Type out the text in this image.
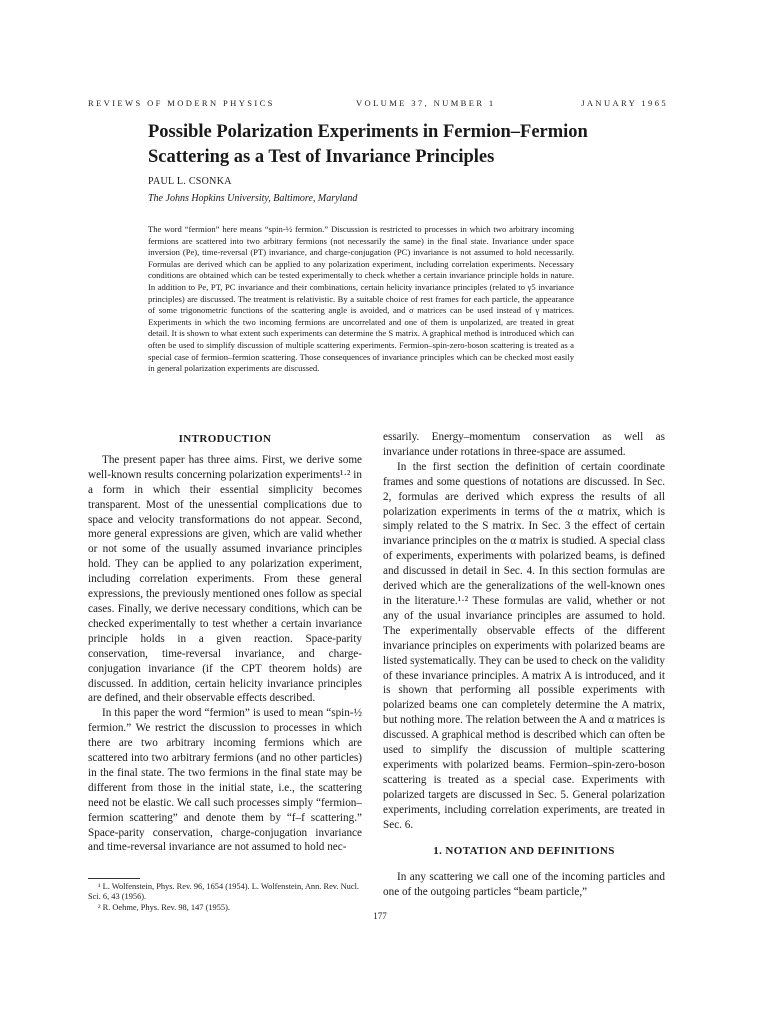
REVIEWS OF MODERN PHYSICS	VOLUME 37, NUMBER 1	JANUARY 1965
Possible Polarization Experiments in Fermion–Fermion
Scattering as a Test of Invariance Principles
PAUL L. CSONKA
The Johns Hopkins University, Baltimore, Maryland
The word “fermion” here means “spin-½ fermion.” Discussion is restricted to processes in which two arbitrary incoming fermions are scattered into two arbitrary fermions (not necessarily the same) in the final state. Invariance under space inversion (Pe), time-reversal (PT) invariance, and charge-conjugation (PC) invariance is not assumed to hold necessarily. Formulas are derived which can be applied to any polarization experiment, including correlation experiments. Necessary conditions are obtained which can be tested experimentally to check whether a certain invariance principle holds in nature. In addition to Pe, PT, PC invariance and their combinations, certain helicity invariance principles (related to γ5 invariance principles) are discussed. The treatment is relativistic. By a suitable choice of rest frames for each particle, the appearance of some trigonometric functions of the scattering angle is avoided, and σ matrices can be used instead of γ matrices. Experiments in which the two incoming fermions are uncorrelated and one of them is unpolarized, are treated in great detail. It is shown to what extent such experiments can determine the S matrix. A graphical method is introduced which can often be used to simplify discussion of multiple scattering experiments. Fermion–spin-zero-boson scattering is treated as a special case of fermion–fermion scattering. Those consequences of invariance principles which can be checked most easily in general polarization experiments are discussed.
INTRODUCTION

The present paper has three aims. First, we derive some well-known results concerning polarization experiments¹·² in a form in which their essential simplicity becomes transparent. Most of the unessential complications due to space and velocity transformations do not appear. Second, more general expressions are given, which are valid whether or not some of the usually assumed invariance principles hold. They can be applied to any polarization experiment, including correlation experiments. From these general expressions, the previously mentioned ones follow as special cases. Finally, we derive necessary conditions, which can be checked experimentally to test whether a certain invariance principle holds in a given reaction. Space-parity conservation, time-reversal invariance, and charge-conjugation invariance (if the CPT theorem holds) are discussed. In addition, certain helicity invariance principles are defined, and their observable effects described.

In this paper the word “fermion” is used to mean “spin-½ fermion.” We restrict the discussion to processes in which there are two arbitrary incoming fermions which are scattered into two arbitrary fermions (and no other particles) in the final state. The two fermions in the final state may be different from those in the initial state, i.e., the scattering need not be elastic. We call such processes simply “fermion–fermion scattering” and denote them by “f–f scattering.” Space-parity conservation, charge-conjugation invariance and time-reversal invariance are not assumed to hold nec-

essarily. Energy–momentum conservation as well as invariance under rotations in three-space are assumed.

In the first section the definition of certain coordinate frames and some questions of notations are discussed. In Sec. 2, formulas are derived which express the results of all polarization experiments in terms of the α matrix, which is simply related to the S matrix. In Sec. 3 the effect of certain invariance principles on the α matrix is studied. A special class of experiments, experiments with polarized beams, is defined and discussed in detail in Sec. 4. In this section formulas are derived which are the generalizations of the well-known ones in the literature.¹·² These formulas are valid, whether or not any of the usual invariance principles are assumed to hold. The experimentally observable effects of the different invariance principles on experiments with polarized beams are listed systematically. They can be used to check on the validity of these invariance principles. A matrix A is introduced, and it is shown that performing all possible experiments with polarized beams one can completely determine the A matrix, but nothing more. The relation between the A and α matrices is discussed. A graphical method is described which can often be used to simplify the discussion of multiple scattering experiments with polarized beams. Fermion–spin-zero-boson scattering is treated as a special case. Experiments with polarized targets are discussed in Sec. 5. General polarization experiments, including correlation experiments, are treated in Sec. 6.

1. NOTATION AND DEFINITIONS

In any scattering we call one of the incoming particles and one of the outgoing particles “beam particle,”

¹ L. Wolfenstein, Phys. Rev. 96, 1654 (1954). L. Wolfenstein, Ann. Rev. Nucl. Sci. 6, 43 (1956).

² R. Oehme, Phys. Rev. 98, 147 (1955).

177
